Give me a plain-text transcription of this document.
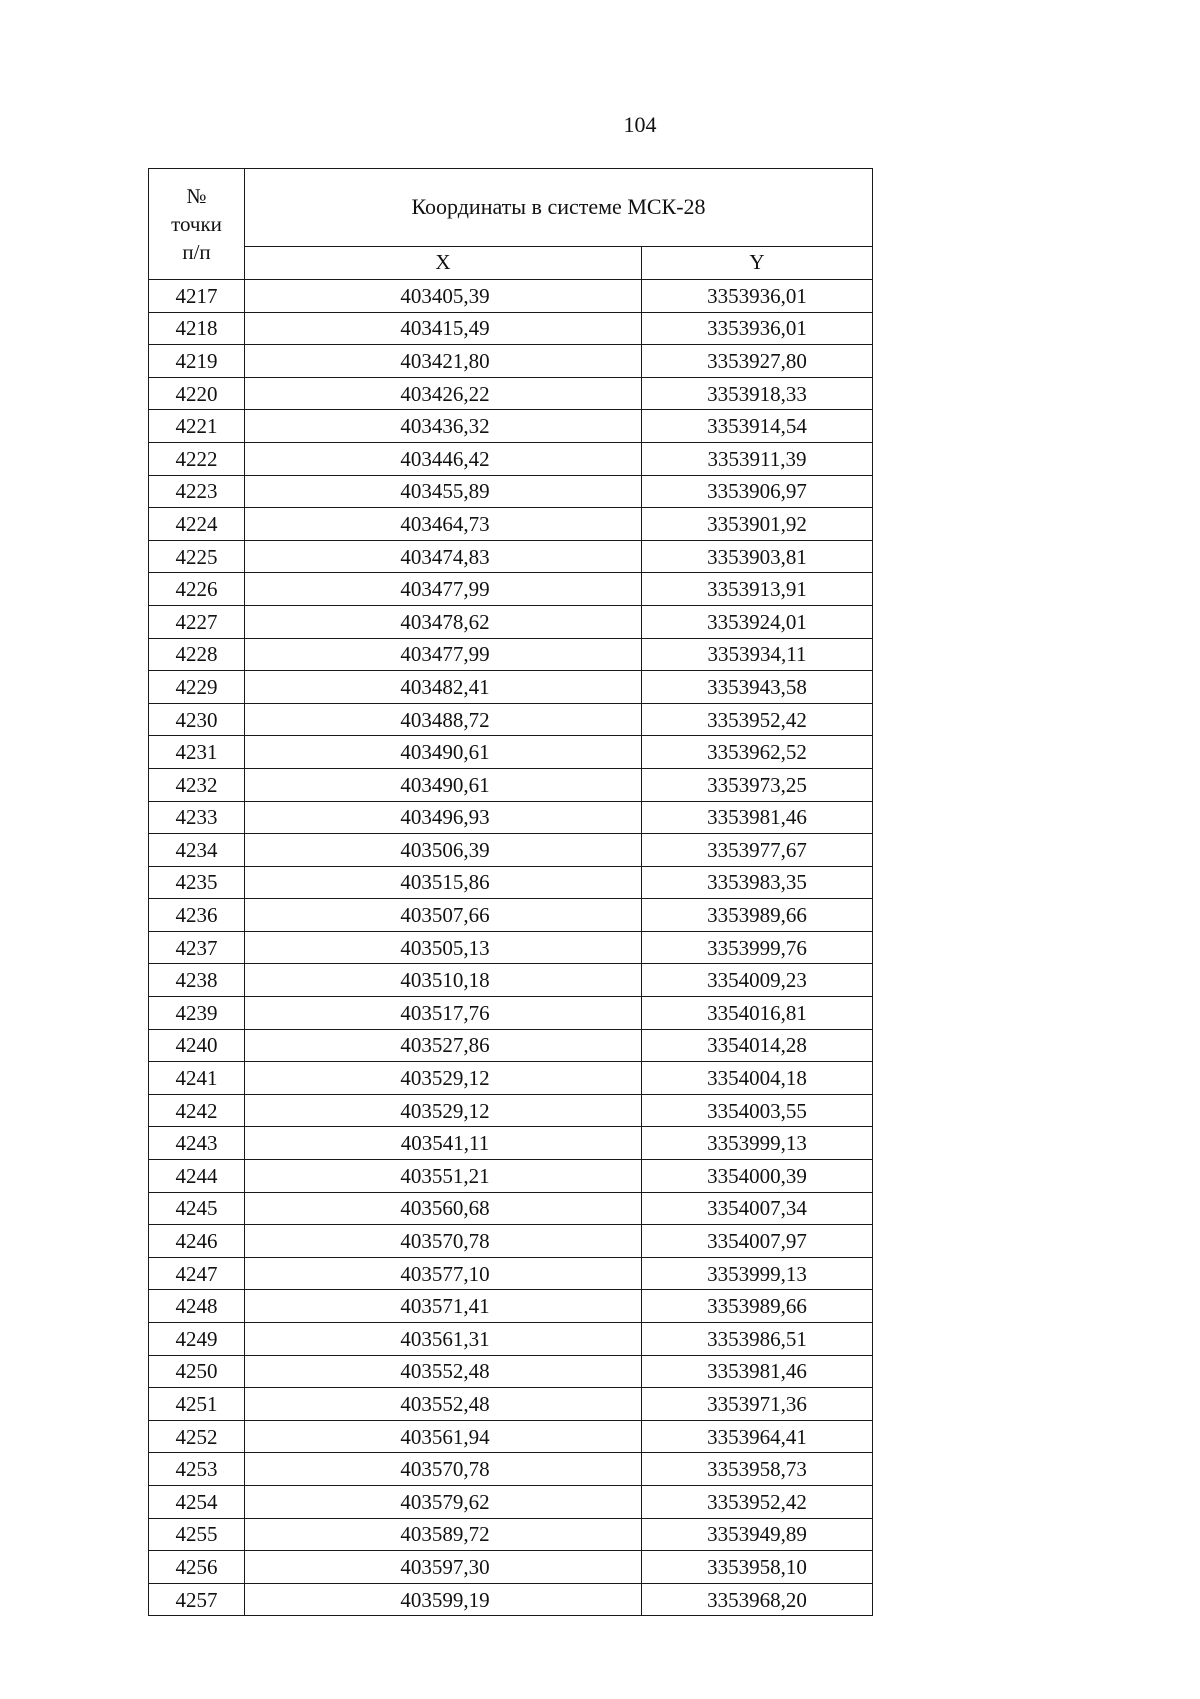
104
№
точки
п/п	Координаты в системе МСК-28	
	X	Y
4217	403405,39	3353936,01
4218	403415,49	3353936,01
4219	403421,80	3353927,80
4220	403426,22	3353918,33
4221	403436,32	3353914,54
4222	403446,42	3353911,39
4223	403455,89	3353906,97
4224	403464,73	3353901,92
4225	403474,83	3353903,81
4226	403477,99	3353913,91
4227	403478,62	3353924,01
4228	403477,99	3353934,11
4229	403482,41	3353943,58
4230	403488,72	3353952,42
4231	403490,61	3353962,52
4232	403490,61	3353973,25
4233	403496,93	3353981,46
4234	403506,39	3353977,67
4235	403515,86	3353983,35
4236	403507,66	3353989,66
4237	403505,13	3353999,76
4238	403510,18	3354009,23
4239	403517,76	3354016,81
4240	403527,86	3354014,28
4241	403529,12	3354004,18
4242	403529,12	3354003,55
4243	403541,11	3353999,13
4244	403551,21	3354000,39
4245	403560,68	3354007,34
4246	403570,78	3354007,97
4247	403577,10	3353999,13
4248	403571,41	3353989,66
4249	403561,31	3353986,51
4250	403552,48	3353981,46
4251	403552,48	3353971,36
4252	403561,94	3353964,41
4253	403570,78	3353958,73
4254	403579,62	3353952,42
4255	403589,72	3353949,89
4256	403597,30	3353958,10
4257	403599,19	3353968,20
